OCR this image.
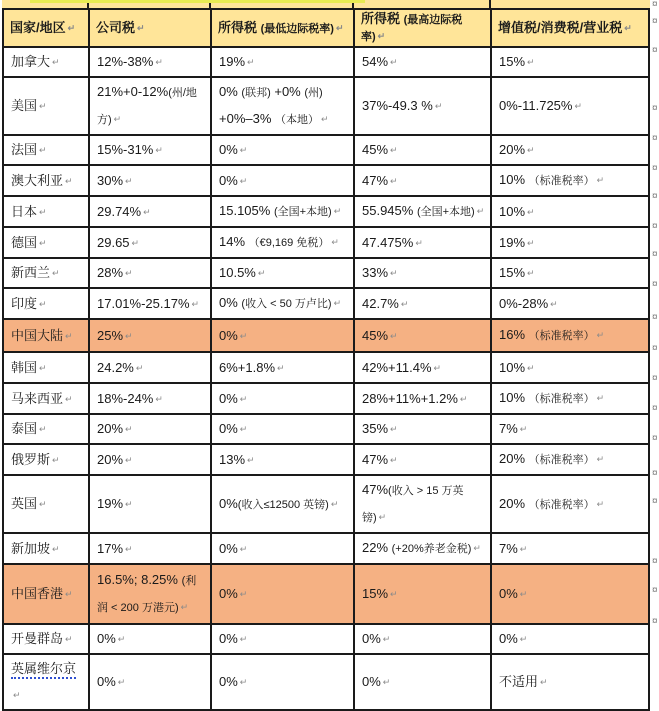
国家/地区 ↵	公司税 ↵	所得税 (最低边际税率) ↵	所得税 (最高边际税率) ↵	增值税/消费税/营业税 ↵
加拿大 ↵	12%-38% ↵	19% ↵	54% ↵	15% ↵
美国 ↵	21%+0-12%(州/地方) ↵	0% (联邦) +0% (州) +0%–3% （本地） ↵	37%-49.3 % ↵	0%-11.725% ↵
法国 ↵	15%-31% ↵	0% ↵	45% ↵	20% ↵
澳大利亚 ↵	30% ↵	0% ↵	47% ↵	10% （标准税率） ↵
日本 ↵	29.74% ↵	15.105% (全国+本地) ↵	55.945% (全国+本地) ↵	10% ↵
德国 ↵	29.65 ↵	14% （€9,169 免税） ↵	47.475% ↵	19% ↵
新西兰 ↵	28% ↵	10.5% ↵	33% ↵	15% ↵
印度 ↵	17.01%-25.17% ↵	0% (收入 < 50 万卢比) ↵	42.7% ↵	0%-28% ↵
中国大陆 ↵	25% ↵	0% ↵	45% ↵	16% （标准税率） ↵
韩国 ↵	24.2% ↵	6%+1.8% ↵	42%+11.4% ↵	10% ↵
马来西亚 ↵	18%-24% ↵	0% ↵	28%+11%+1.2% ↵	10% （标准税率） ↵
泰国 ↵	20% ↵	0% ↵	35% ↵	7% ↵
俄罗斯 ↵	20% ↵	13% ↵	47% ↵	20% （标准税率） ↵
英国 ↵	19% ↵	0%(收入≤12500 英镑) ↵	47%(收入 > 15 万英镑) ↵	20% （标准税率） ↵
新加坡 ↵	17% ↵	0% ↵	22% (+20%养老金税) ↵	7% ↵
中国香港 ↵	16.5%; 8.25% (利润 < 200 万港元) ↵	0% ↵	15% ↵	0% ↵
开曼群岛 ↵	0% ↵	0% ↵	0% ↵	0% ↵
英属维尔京↵	0% ↵	0% ↵	0% ↵	不适用 ↵
¤
¤
¤
¤
¤
¤
¤
¤
¤
¤
¤
¤
¤
¤
¤
¤
¤
¤
¤
¤
